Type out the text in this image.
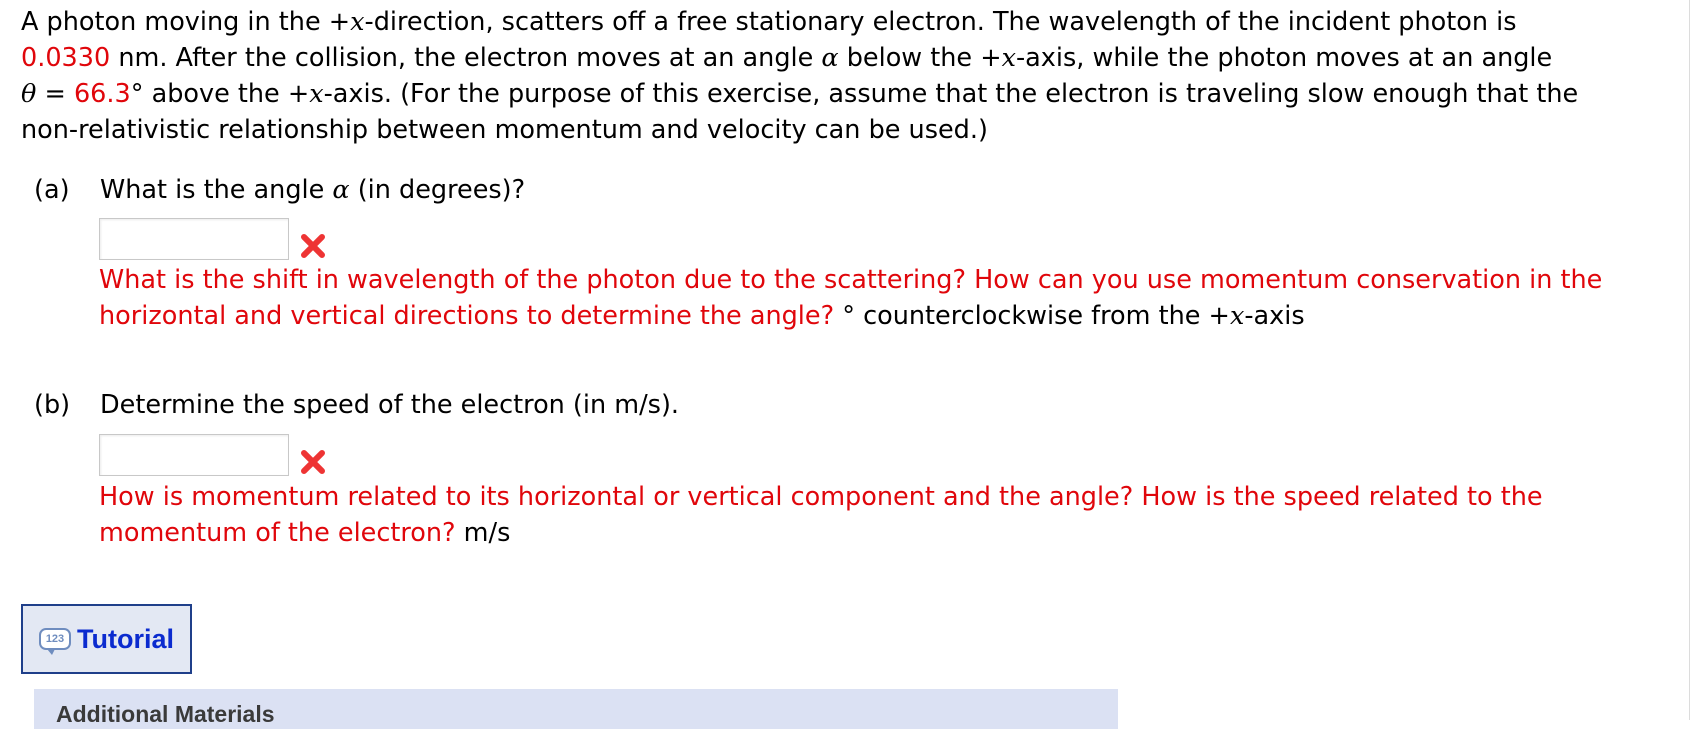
A photon moving in the +x-direction, scatters off a free stationary electron. The wavelength of the incident photon is
0.0330 nm. After the collision, the electron moves at an angle α below the +x-axis, while the photon moves at an angle
θ = 66.3° above the +x-axis. (For the purpose of this exercise, assume that the electron is traveling slow enough that the
non-relativistic relationship between momentum and velocity can be used.)
(a) What is the angle α (in degrees)?
What is the shift in wavelength of the photon due to the scattering? How can you use momentum conservation in the horizontal and vertical directions to determine the angle? ° counterclockwise from the +x-axis
(b) Determine the speed of the electron (in m/s).
How is momentum related to its horizontal or vertical component and the angle? How is the speed related to the momentum of the electron? m/s
123 Tutorial
Additional Materials
